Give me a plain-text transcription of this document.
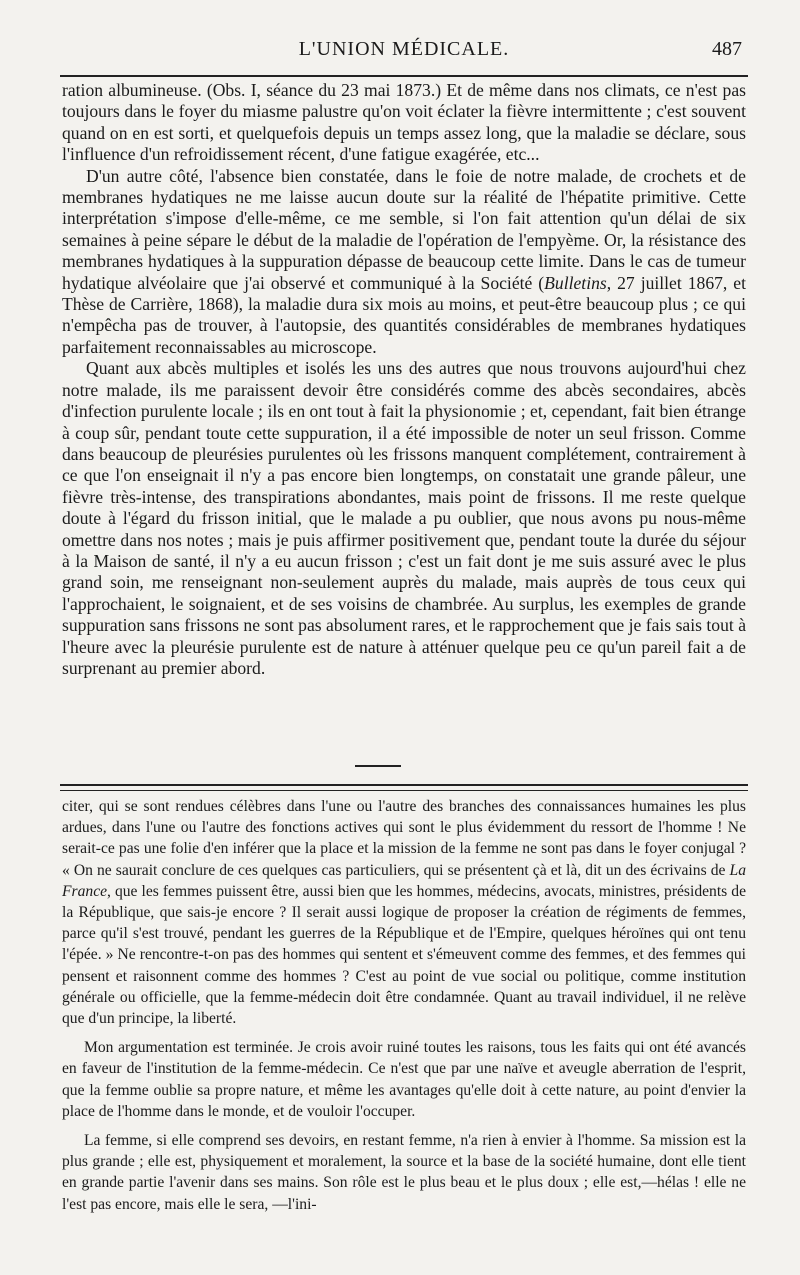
L'UNION MÉDICALE.	487

ration albumineuse. (Obs. I, séance du 23 mai 1873.) Et de même dans nos climats, ce n'est pas toujours dans le foyer du miasme palustre qu'on voit éclater la fièvre intermittente ; c'est souvent quand on en est sorti, et quelquefois depuis un temps assez long, que la maladie se déclare, sous l'influence d'un refroidissement récent, d'une fatigue exagérée, etc...

D'un autre côté, l'absence bien constatée, dans le foie de notre malade, de crochets et de membranes hydatiques ne me laisse aucun doute sur la réalité de l'hépatite primitive. Cette interprétation s'impose d'elle-même, ce me semble, si l'on fait attention qu'un délai de six semaines à peine sépare le début de la maladie de l'opération de l'empyème. Or, la résistance des membranes hydatiques à la suppuration dépasse de beaucoup cette limite. Dans le cas de tumeur hydatique alvéolaire que j'ai observé et communiqué à la Société (Bulletins, 27 juillet 1867, et Thèse de Carrière, 1868), la maladie dura six mois au moins, et peut-être beaucoup plus ; ce qui n'empêcha pas de trouver, à l'autopsie, des quantités considérables de membranes hydatiques parfaitement reconnaissables au microscope.

Quant aux abcès multiples et isolés les uns des autres que nous trouvons aujourd'hui chez notre malade, ils me paraissent devoir être considérés comme des abcès secondaires, abcès d'infection purulente locale ; ils en ont tout à fait la physionomie ; et, cependant, fait bien étrange à coup sûr, pendant toute cette suppuration, il a été impossible de noter un seul frisson. Comme dans beaucoup de pleurésies purulentes où les frissons manquent complétement, contrairement à ce que l'on enseignait il n'y a pas encore bien longtemps, on constatait une grande pâleur, une fièvre très-intense, des transpirations abondantes, mais point de frissons. Il me reste quelque doute à l'égard du frisson initial, que le malade a pu oublier, que nous avons pu nous-même omettre dans nos notes ; mais je puis affirmer positivement que, pendant toute la durée du séjour à la Maison de santé, il n'y a eu aucun frisson ; c'est un fait dont je me suis assuré avec le plus grand soin, me renseignant non-seulement auprès du malade, mais auprès de tous ceux qui l'approchaient, le soignaient, et de ses voisins de chambrée. Au surplus, les exemples de grande suppuration sans frissons ne sont pas absolument rares, et le rapprochement que je fais sais tout à l'heure avec la pleurésie purulente est de nature à atténuer quelque peu ce qu'un pareil fait a de surprenant au premier abord.

citer, qui se sont rendues célèbres dans l'une ou l'autre des branches des connaissances humaines les plus ardues, dans l'une ou l'autre des fonctions actives qui sont le plus évidemment du ressort de l'homme ! Ne serait-ce pas une folie d'en inférer que la place et la mission de la femme ne sont pas dans le foyer conjugal ? « On ne saurait conclure de ces quelques cas particuliers, qui se présentent çà et là, dit un des écrivains de La France, que les femmes puissent être, aussi bien que les hommes, médecins, avocats, ministres, présidents de la République, que sais-je encore ? Il serait aussi logique de proposer la création de régiments de femmes, parce qu'il s'est trouvé, pendant les guerres de la République et de l'Empire, quelques héroïnes qui ont tenu l'épée. » Ne rencontre-t-on pas des hommes qui sentent et s'émeuvent comme des femmes, et des femmes qui pensent et raisonnent comme des hommes ? C'est au point de vue social ou politique, comme institution générale ou officielle, que la femme-médecin doit être condamnée. Quant au travail individuel, il ne relève que d'un principe, la liberté.

Mon argumentation est terminée. Je crois avoir ruiné toutes les raisons, tous les faits qui ont été avancés en faveur de l'institution de la femme-médecin. Ce n'est que par une naïve et aveugle aberration de l'esprit, que la femme oublie sa propre nature, et même les avantages qu'elle doit à cette nature, au point d'envier la place de l'homme dans le monde, et de vouloir l'occuper.

La femme, si elle comprend ses devoirs, en restant femme, n'a rien à envier à l'homme. Sa mission est la plus grande ; elle est, physiquement et moralement, la source et la base de la société humaine, dont elle tient en grande partie l'avenir dans ses mains. Son rôle est le plus beau et le plus doux ; elle est,—hélas ! elle ne l'est pas encore, mais elle le sera, —l'ini-
